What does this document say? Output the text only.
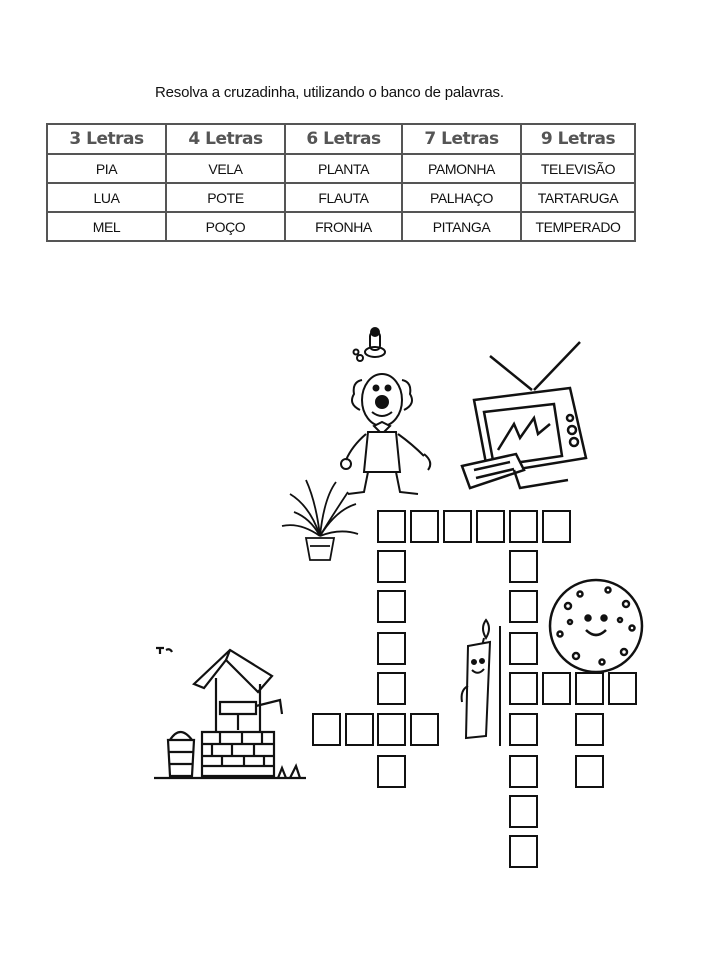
Resolva a cruzadinha, utilizando o banco de palavras.
3 Letras	4 Letras	6 Letras	7 Letras	9 Letras
PIA	VELA	PLANTA	PAMONHA	TELEVISÃO
LUA	POTE	FLAUTA	PALHAÇO	TARTARUGA
MEL	POÇO	FRONHA	PITANGA	TEMPERADO
